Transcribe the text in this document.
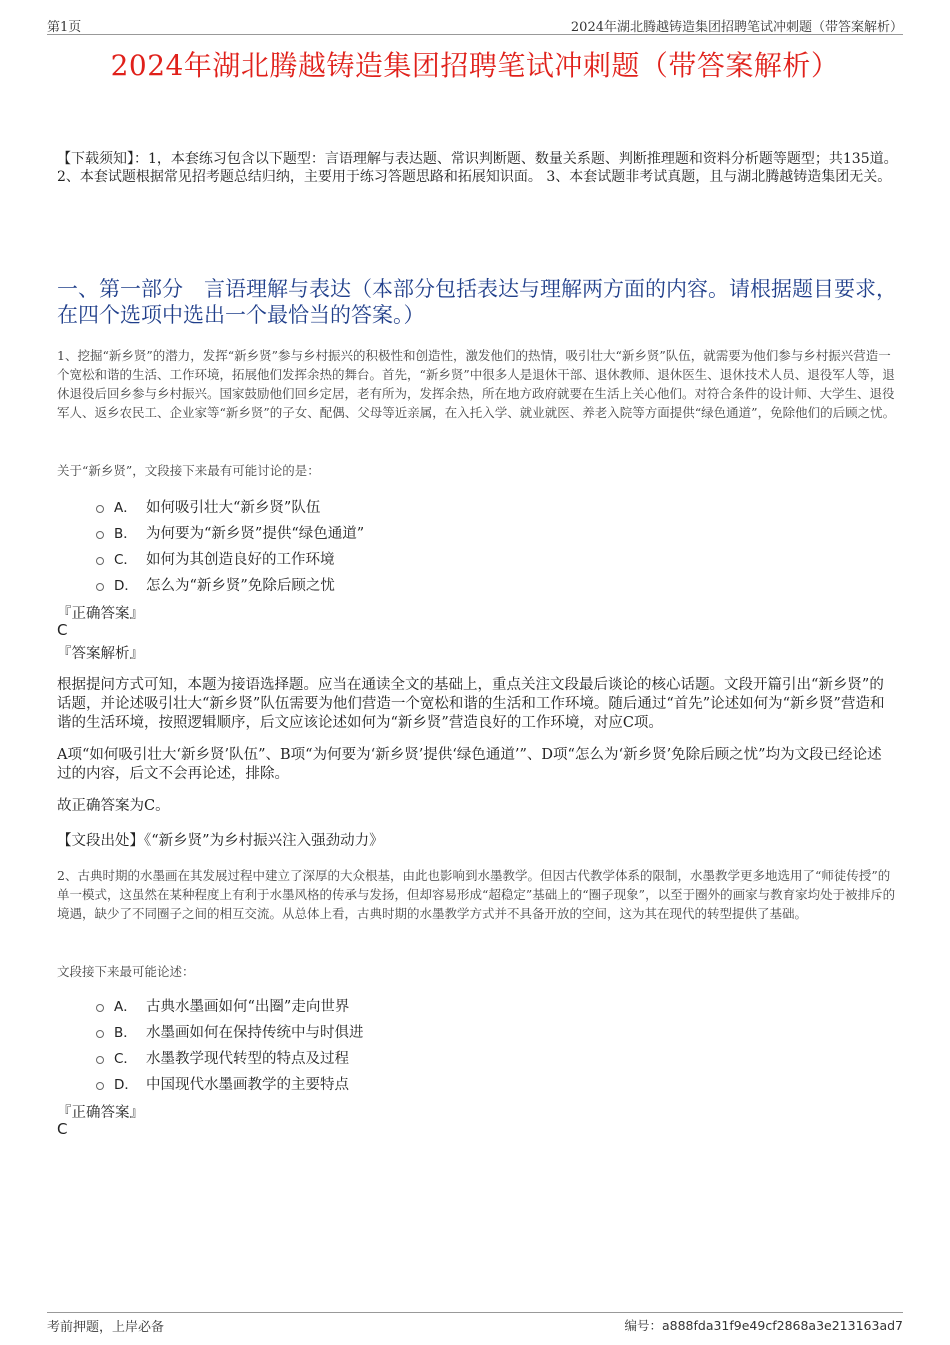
第1页	2024年湖北腾越铸造集团招聘笔试冲刺题（带答案解析）
2024年湖北腾越铸造集团招聘笔试冲刺题（带答案解析）
【下载须知】：1，本套练习包含以下题型：言语理解与表达题、常识判断题、数量关系题、判断推理题和资料分析题等题型；共135道。 2、本套试题根据常见招考题总结归纳，主要用于练习答题思路和拓展知识面。 3、本套试题非考试真题，且与湖北腾越铸造集团无关。
一、第一部分　言语理解与表达（本部分包括表达与理解两方面的内容。请根据题目要求，在四个选项中选出一个最恰当的答案。）
1、挖掘“新乡贤”的潜力，发挥“新乡贤”参与乡村振兴的积极性和创造性，激发他们的热情，吸引壮大“新乡贤”队伍，就需要为他们参与乡村振兴营造一个宽松和谐的生活、工作环境，拓展他们发挥余热的舞台。首先，“新乡贤”中很多人是退休干部、退休教师、退休医生、退休技术人员、退役军人等，退休退役后回乡参与乡村振兴。国家鼓励他们回乡定居，老有所为，发挥余热，所在地方政府就要在生活上关心他们。对符合条件的设计师、大学生、退役军人、返乡农民工、企业家等“新乡贤”的子女、配偶、父母等近亲属，在入托入学、就业就医、养老入院等方面提供“绿色通道”，免除他们的后顾之忧。
关于“新乡贤”，文段接下来最有可能讨论的是：
A． 如何吸引壮大“新乡贤”队伍
B． 为何要为“新乡贤”提供“绿色通道”
C． 如何为其创造良好的工作环境
D． 怎么为“新乡贤”免除后顾之忧
『正确答案』
C
『答案解析』
根据提问方式可知，本题为接语选择题。应当在通读全文的基础上，重点关注文段最后谈论的核心话题。文段开篇引出“新乡贤”的话题，并论述吸引壮大“新乡贤”队伍需要为他们营造一个宽松和谐的生活和工作环境。随后通过“首先”论述如何为“新乡贤”营造和谐的生活环境，按照逻辑顺序，后文应该论述如何为“新乡贤”营造良好的工作环境，对应C项。
A项“如何吸引壮大‘新乡贤’队伍”、B项“为何要为‘新乡贤’提供‘绿色通道’”、D项“怎么为‘新乡贤’免除后顾之忧”均为文段已经论述过的内容，后文不会再论述，排除。
故正确答案为C。
【文段出处】《“新乡贤”为乡村振兴注入强劲动力》
2、古典时期的水墨画在其发展过程中建立了深厚的大众根基，由此也影响到水墨教学。但因古代教学体系的限制，水墨教学更多地选用了“师徒传授”的单一模式，这虽然在某种程度上有利于水墨风格的传承与发扬，但却容易形成“超稳定”基础上的“圈子现象”，以至于圈外的画家与教育家均处于被排斥的境遇，缺少了不同圈子之间的相互交流。从总体上看，古典时期的水墨教学方式并不具备开放的空间，这为其在现代的转型提供了基础。
文段接下来最可能论述：
A． 古典水墨画如何“出圈”走向世界
B． 水墨画如何在保持传统中与时俱进
C． 水墨教学现代转型的特点及过程
D． 中国现代水墨画教学的主要特点
『正确答案』
C
考前押题，上岸必备	编号：a888fda31f9e49cf2868a3e213163ad7
